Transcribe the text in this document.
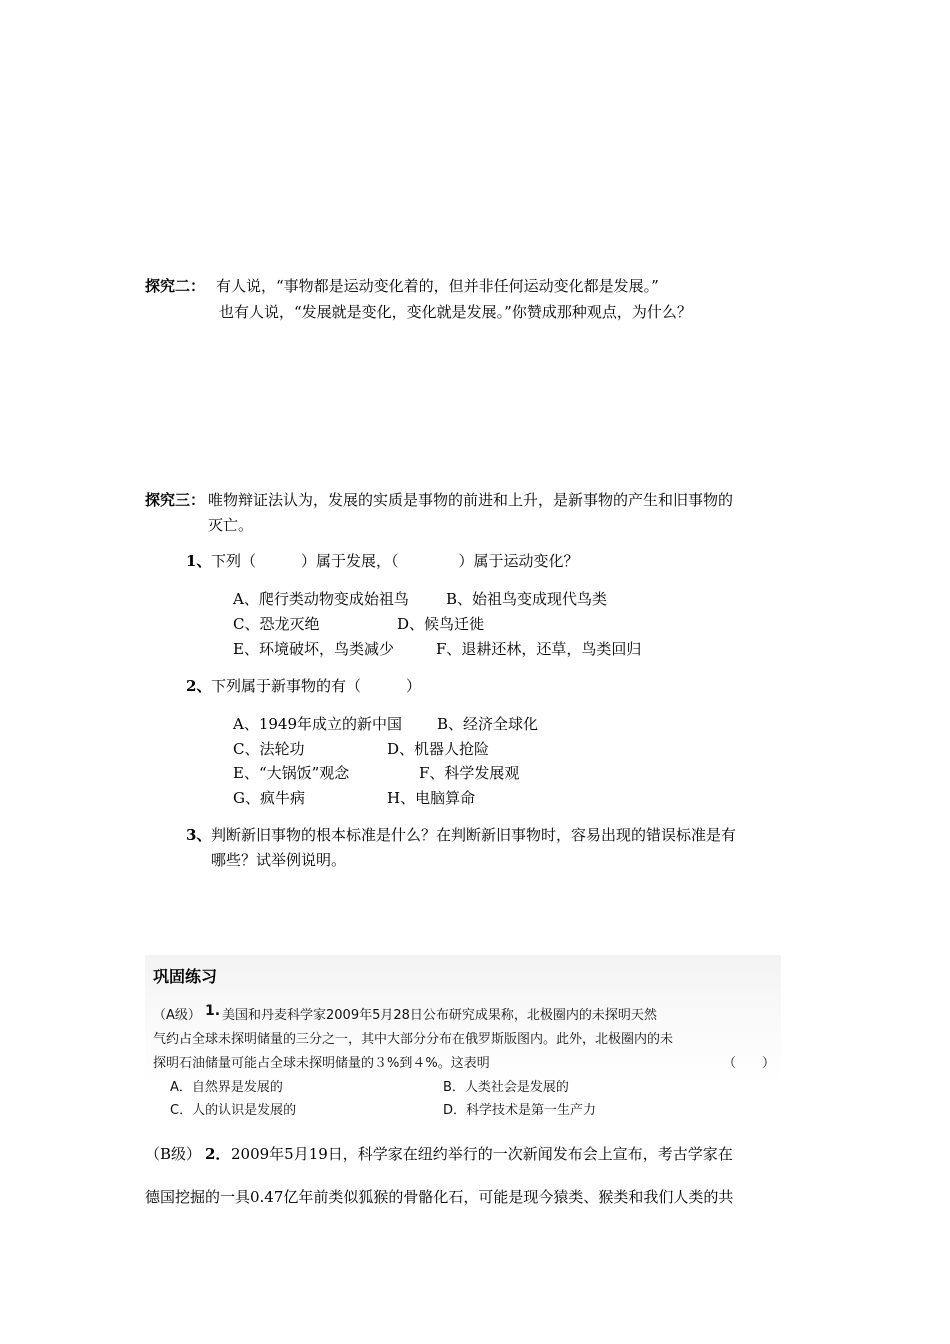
探究二： 有人说，“事物都是运动变化着的，但并非任何运动变化都是发展。”
也有人说，“发展就是变化，变化就是发展。”你赞成那种观点，为什么？
探究三： 唯物辩证法认为，发展的实质是事物的前进和上升，是新事物的产生和旧事物的
灭亡。
1、 下列（　　　）属于发展，（　　　　）属于运动变化？
A、爬行类动物变成始祖鸟 B、始祖鸟变成现代鸟类
C、恐龙灭绝	D、候鸟迁徙
E、环境破坏，鸟类减少	F、退耕还林，还草，鸟类回归
2、 下列属于新事物的有（　　　）
A、1949年成立的新中国 B、经济全球化
C、法轮功	D、机器人抢险
E、“大锅饭”观念	F、科学发展观
G、疯牛病	H、电脑算命
3、 判断新旧事物的根本标准是什么？在判断新旧事物时，容易出现的错误标准是有
哪些？试举例说明。
巩固练习
（A级） 1. 美国和丹麦科学家2009年5月28日公布研究成果称，北极圈内的未探明天然
气约占全球未探明储量的三分之一，其中大部分分布在俄罗斯版图内。此外，北极圈内的未
探明石油储量可能占全球未探明储量的３%到４%。这表明	（　　）
A．自然界是发展的	B．人类社会是发展的
C．人的认识是发展的	D．科学技术是第一生产力
（B级） 2． 2009年5月19日，科学家在纽约举行的一次新闻发布会上宣布，考古学家在
德国挖掘的一具0.47亿年前类似狐猴的骨骼化石，可能是现今猿类、猴类和我们人类的共
